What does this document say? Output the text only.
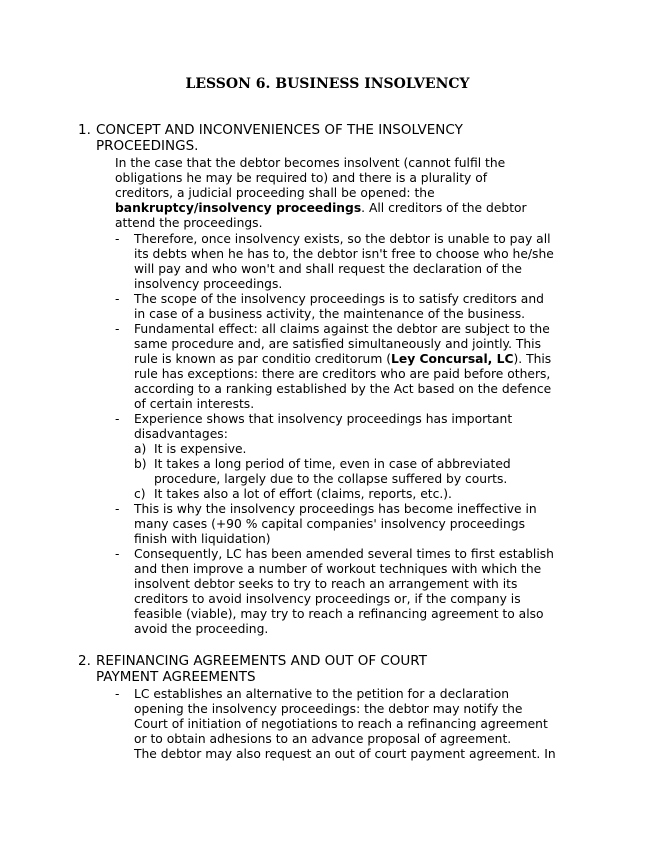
LESSON 6. BUSINESS INSOLVENCY
1. CONCEPT AND INCONVENIENCES OF THE INSOLVENCY
PROCEEDINGS.
In the case that the debtor becomes insolvent (cannot fulfil the
obligations he may be required to) and there is a plurality of
creditors, a judicial proceeding shall be opened: the
bankruptcy/insolvency proceedings. All creditors of the debtor
attend the proceedings.
- Therefore, once insolvency exists, so the debtor is unable to pay all
its debts when he has to, the debtor isn't free to choose who he/she
will pay and who won't and shall request the declaration of the
insolvency proceedings.
- The scope of the insolvency proceedings is to satisfy creditors and
in case of a business activity, the maintenance of the business.
- Fundamental effect: all claims against the debtor are subject to the
same procedure and, are satisfied simultaneously and jointly. This
rule is known as par conditio creditorum (Ley Concursal, LC). This
rule has exceptions: there are creditors who are paid before others,
according to a ranking established by the Act based on the defence
of certain interests.
- Experience shows that insolvency proceedings has important
disadvantages:
a) It is expensive.
b) It takes a long period of time, even in case of abbreviated
procedure, largely due to the collapse suffered by courts.
c) It takes also a lot of effort (claims, reports, etc.).
- This is why the insolvency proceedings has become ineffective in
many cases (+90 % capital companies' insolvency proceedings
finish with liquidation)
- Consequently, LC has been amended several times to first establish
and then improve a number of workout techniques with which the
insolvent debtor seeks to try to reach an arrangement with its
creditors to avoid insolvency proceedings or, if the company is
feasible (viable), may try to reach a refinancing agreement to also
avoid the proceeding.
2. REFINANCING AGREEMENTS AND OUT OF COURT
PAYMENT AGREEMENTS
- LC establishes an alternative to the petition for a declaration
opening the insolvency proceedings: the debtor may notify the
Court of initiation of negotiations to reach a refinancing agreement
or to obtain adhesions to an advance proposal of agreement.
The debtor may also request an out of court payment agreement. In
